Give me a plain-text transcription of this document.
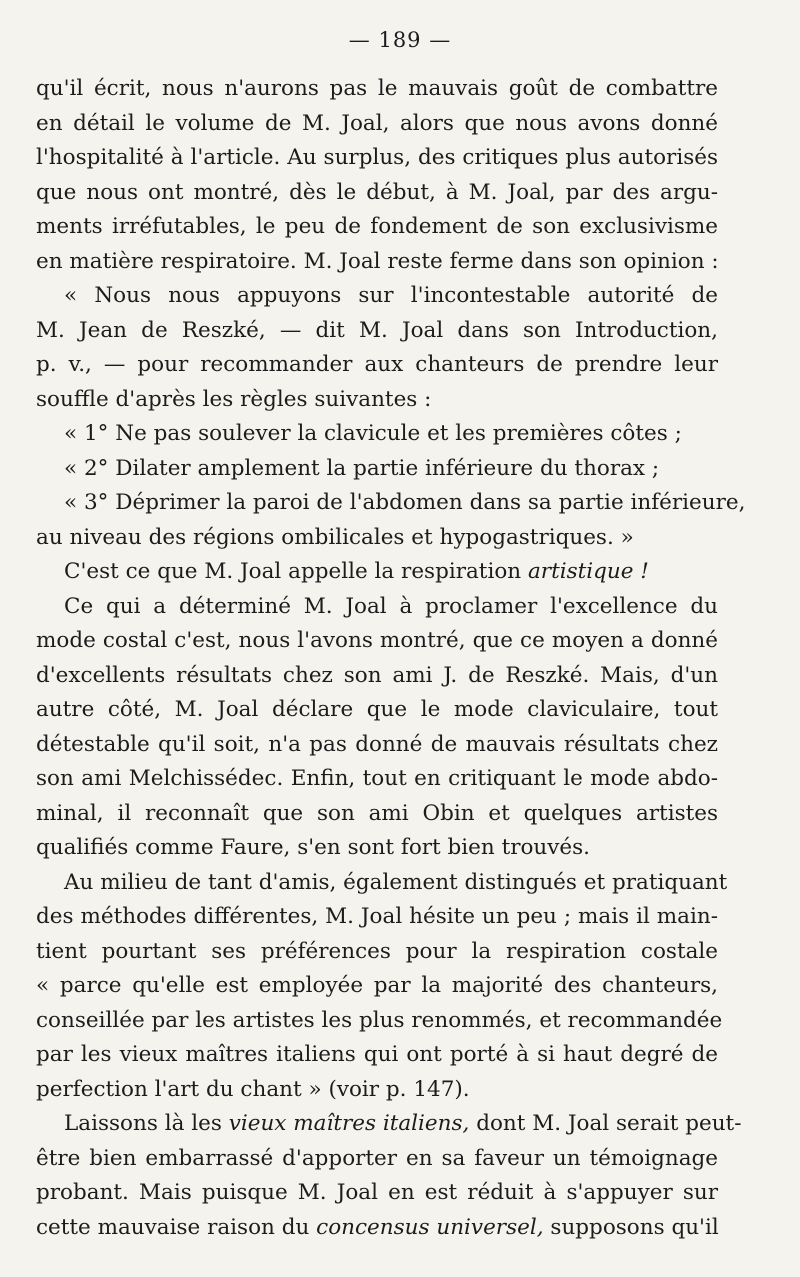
— 189 —
qu'il écrit, nous n'aurons pas le mauvais goût de combattre
en détail le volume de M. Joal, alors que nous avons donné
l'hospitalité à l'article. Au surplus, des critiques plus autorisés
que nous ont montré, dès le début, à M. Joal, par des argu-
ments irréfutables, le peu de fondement de son exclusivisme
en matière respiratoire. M. Joal reste ferme dans son opinion :
« Nous nous appuyons sur l'incontestable autorité de
M. Jean de Reszké, — dit M. Joal dans son Introduction,
p. v., — pour recommander aux chanteurs de prendre leur
souffle d'après les règles suivantes :
« 1° Ne pas soulever la clavicule et les premières côtes ;
« 2° Dilater amplement la partie inférieure du thorax ;
« 3° Déprimer la paroi de l'abdomen dans sa partie inférieure,
au niveau des régions ombilicales et hypogastriques. »
C'est ce que M. Joal appelle la respiration artistique !
Ce qui a déterminé M. Joal à proclamer l'excellence du
mode costal c'est, nous l'avons montré, que ce moyen a donné
d'excellents résultats chez son ami J. de Reszké. Mais, d'un
autre côté, M. Joal déclare que le mode claviculaire, tout
détestable qu'il soit, n'a pas donné de mauvais résultats chez
son ami Melchissédec. Enfin, tout en critiquant le mode abdo-
minal, il reconnaît que son ami Obin et quelques artistes
qualifiés comme Faure, s'en sont fort bien trouvés.
Au milieu de tant d'amis, également distingués et pratiquant
des méthodes différentes, M. Joal hésite un peu ; mais il main-
tient pourtant ses préférences pour la respiration costale
« parce qu'elle est employée par la majorité des chanteurs,
conseillée par les artistes les plus renommés, et recommandée
par les vieux maîtres italiens qui ont porté à si haut degré de
perfection l'art du chant » (voir p. 147).
Laissons là les vieux maîtres italiens, dont M. Joal serait peut-
être bien embarrassé d'apporter en sa faveur un témoignage
probant. Mais puisque M. Joal en est réduit à s'appuyer sur
cette mauvaise raison du concensus universel, supposons qu'il
